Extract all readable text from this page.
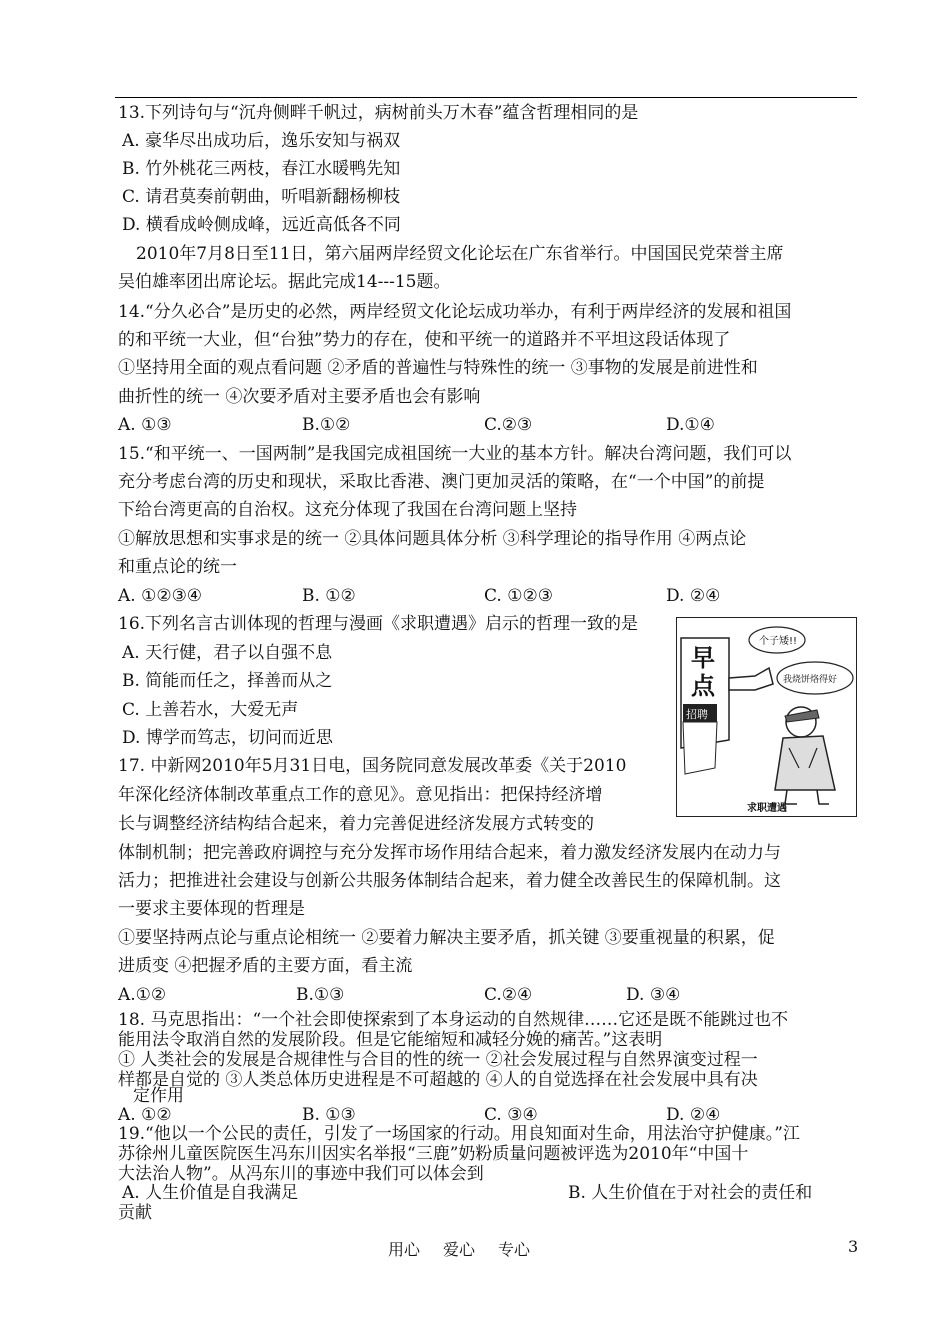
13.下列诗句与“沉舟侧畔千帆过，病树前头万木春”蕴含哲理相同的是
A. 豪华尽出成功后，逸乐安知与祸双
B. 竹外桃花三两枝，春江水暖鸭先知
C. 请君莫奏前朝曲，听唱新翻杨柳枝
D. 横看成岭侧成峰，远近高低各不同
2010年7月8日至11日，第六届两岸经贸文化论坛在广东省举行。中国国民党荣誉主席
吴伯雄率团出席论坛。据此完成14---15题。
14.“分久必合”是历史的必然，两岸经贸文化论坛成功举办，有利于两岸经济的发展和祖国
的和平统一大业，但“台独”势力的存在，使和平统一的道路并不平坦这段话体现了
①坚持用全面的观点看问题 ②矛盾的普遍性与特殊性的统一 ③事物的发展是前进性和
曲折性的统一 ④次要矛盾对主要矛盾也会有影响
A. ①③	B.①②	C.②③	D.①④
15.“和平统一、一国两制”是我国完成祖国统一大业的基本方针。解决台湾问题，我们可以
充分考虑台湾的历史和现状，采取比香港、澳门更加灵活的策略，在“一个中国”的前提
下给台湾更高的自治权。这充分体现了我国在台湾问题上坚持
①解放思想和实事求是的统一 ②具体问题具体分析 ③科学理论的指导作用 ④两点论
和重点论的统一
A. ①②③④	B. ①②	C. ①②③	D. ②④
16.下列名言古训体现的哲理与漫画《求职遭遇》启示的哲理一致的是
A. 天行健，君子以自强不息
B. 简能而任之，择善而从之
C. 上善若水，大爱无声
D. 博学而笃志，切问而近思
早
点
招聘
个子矮!!
我烧饼烙得好
求职遭遇
17. 中新网2010年5月31日电，国务院同意发展改革委《关于2010
年深化经济体制改革重点工作的意见》。意见指出：把保持经济增
长与调整经济结构结合起来，着力完善促进经济发展方式转变的
体制机制；把完善政府调控与充分发挥市场作用结合起来，着力激发经济发展内在动力与
活力；把推进社会建设与创新公共服务体制结合起来，着力健全改善民生的保障机制。这
一要求主要体现的哲理是
①要坚持两点论与重点论相统一 ②要着力解决主要矛盾，抓关键 ③要重视量的积累，促
进质变 ④把握矛盾的主要方面，看主流
A.①②	B.①③	C.②④	D. ③④
18. 马克思指出：“一个社会即使探索到了本身运动的自然规律……它还是既不能跳过也不
能用法令取消自然的发展阶段。但是它能缩短和减轻分娩的痛苦。”这表明
① 人类社会的发展是合规律性与合目的性的统一 ②社会发展过程与自然界演变过程一
样都是自觉的 ③人类总体历史进程是不可超越的 ④人的自觉选择在社会发展中具有决
定作用
A. ①②	B. ①③	C. ③④	D. ②④
19.“他以一个公民的责任，引发了一场国家的行动。用良知面对生命，用法治守护健康。”江
苏徐州儿童医院医生冯东川因实名举报“三鹿”奶粉质量问题被评选为2010年“中国十
大法治人物”。从冯东川的事迹中我们可以体会到
A. 人生价值是自我满足	B. 人生价值在于对社会的责任和
贡献
用心 爱心 专心	3
